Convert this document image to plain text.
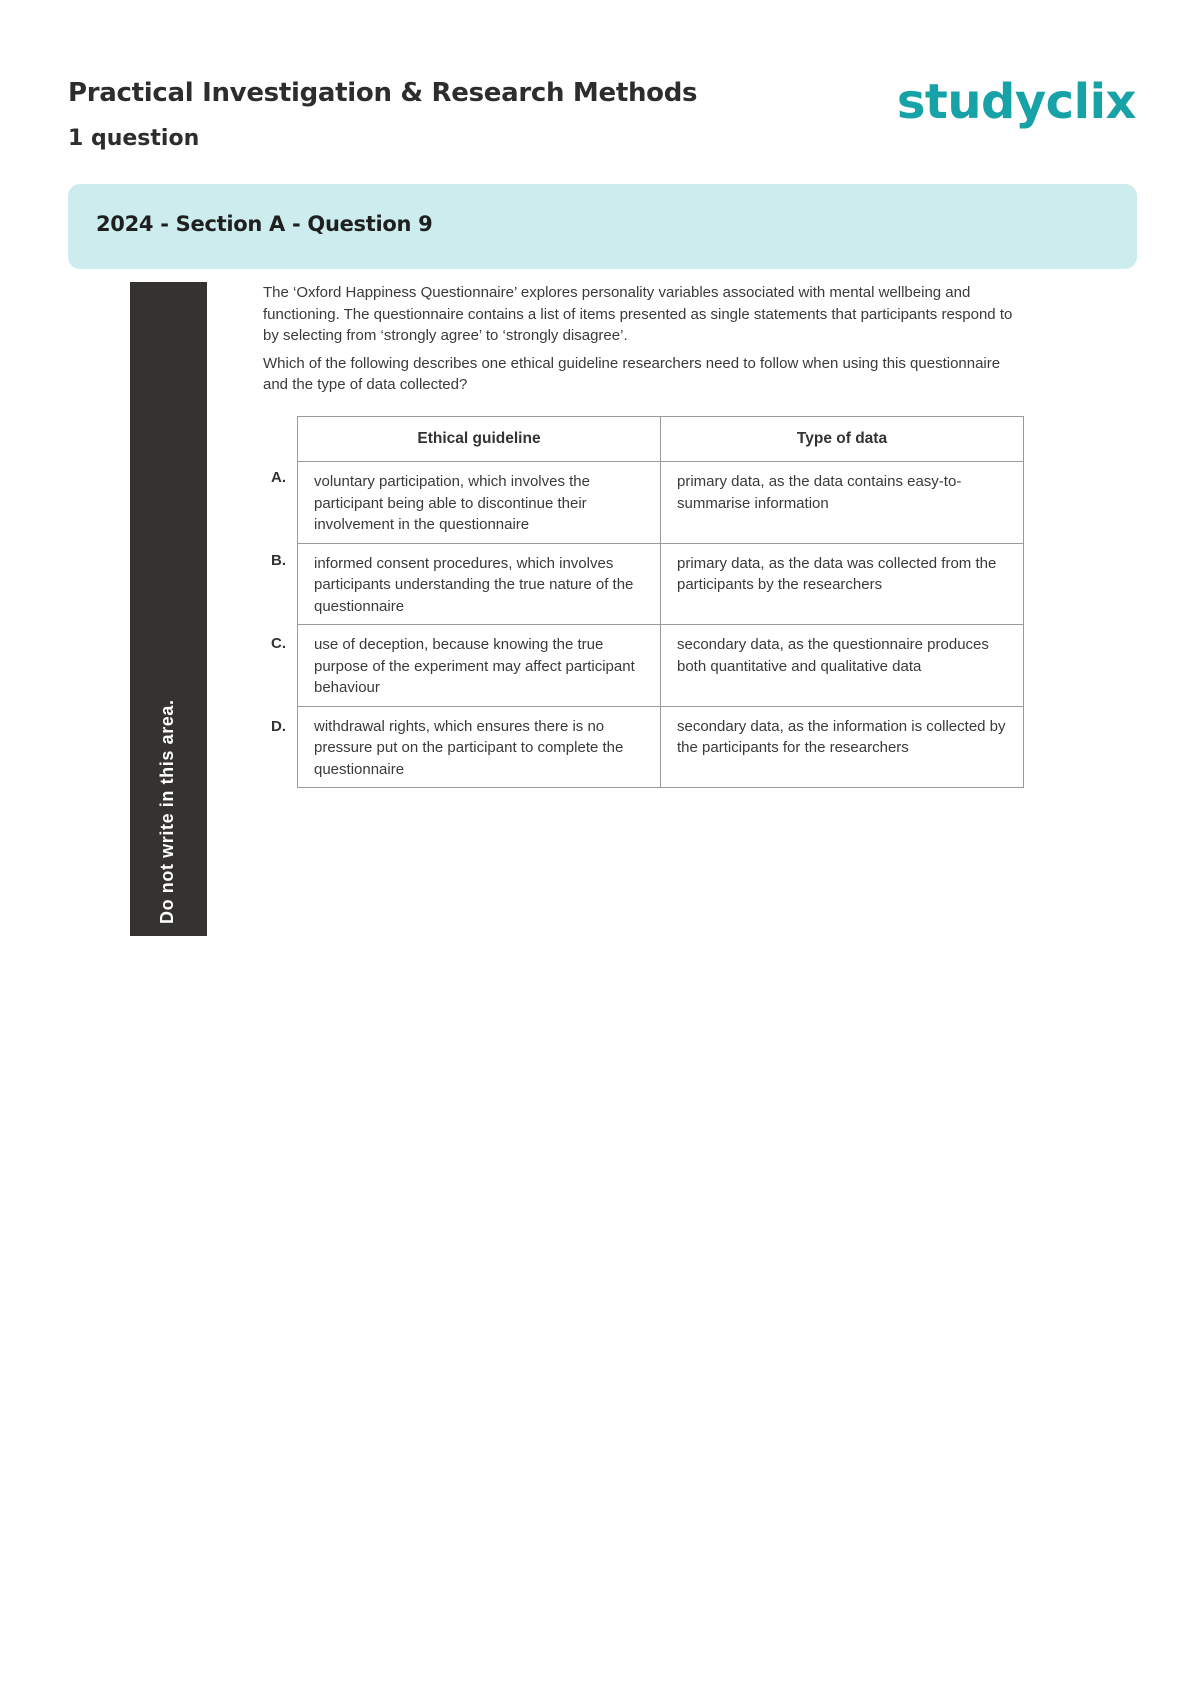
Practical Investigation & Research Methods
1 question
studyclix
2024 - Section A - Question 9
Do not write in this area.

The ‘Oxford Happiness Questionnaire’ explores personality variables associated with mental wellbeing and functioning. The questionnaire contains a list of items presented as single statements that participants respond to by selecting from ‘strongly agree’ to ‘strongly disagree’.

Which of the following describes one ethical guideline researchers need to follow when using this questionnaire and the type of data collected?

Ethical guideline	Type of data
voluntary participation, which involves the participant being able to discontinue their involvement in the questionnaire	primary data, as the data contains easy-to-summarise information
informed consent procedures, which involves participants understanding the true nature of the questionnaire	primary data, as the data was collected from the participants by the researchers
use of deception, because knowing the true purpose of the experiment may affect participant behaviour	secondary data, as the questionnaire produces both quantitative and qualitative data
withdrawal rights, which ensures there is no pressure put on the participant to complete the questionnaire	secondary data, as the information is collected by the participants for the researchers
A.
B.
C.
D.
